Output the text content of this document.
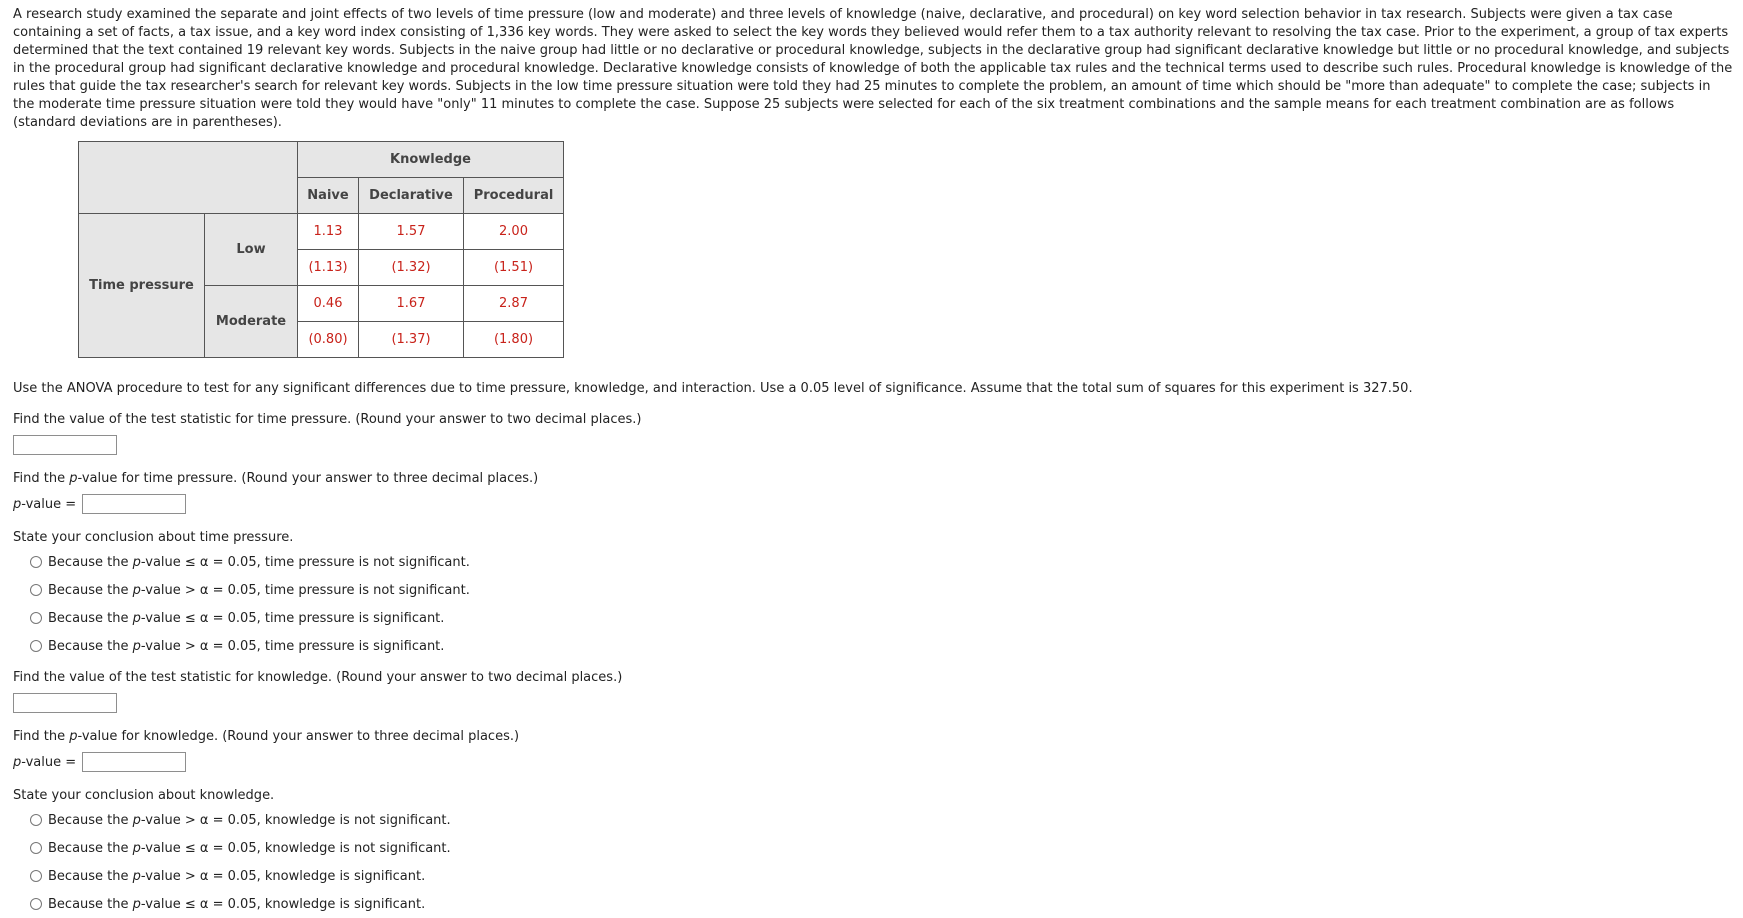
A research study examined the separate and joint effects of two levels of time pressure (low and moderate) and three levels of knowledge (naive, declarative, and procedural) on key word selection behavior in tax research. Subjects were given a tax case containing a set of facts, a tax issue, and a key word index consisting of 1,336 key words. They were asked to select the key words they believed would refer them to a tax authority relevant to resolving the tax case. Prior to the experiment, a group of tax experts determined that the text contained 19 relevant key words. Subjects in the naive group had little or no declarative or procedural knowledge, subjects in the declarative group had significant declarative knowledge but little or no procedural knowledge, and subjects in the procedural group had significant declarative knowledge and procedural knowledge. Declarative knowledge consists of knowledge of both the applicable tax rules and the technical terms used to describe such rules. Procedural knowledge is knowledge of the rules that guide the tax researcher's search for relevant key words. Subjects in the low time pressure situation were told they had 25 minutes to complete the problem, an amount of time which should be "more than adequate" to complete the case; subjects in the moderate time pressure situation were told they would have "only" 11 minutes to complete the case. Suppose 25 subjects were selected for each of the six treatment combinations and the sample means for each treatment combination are as follows (standard deviations are in parentheses).

		Knowledge		
		Naive	Declarative	Procedural
Time pressure	Low	1.13	1.57	2.00
		(1.13)	(1.32)	(1.51)
	Moderate	0.46	1.67	2.87
		(0.80)	(1.37)	(1.80)
Use the ANOVA procedure to test for any significant differences due to time pressure, knowledge, and interaction. Use a 0.05 level of significance. Assume that the total sum of squares for this experiment is 327.50.
Find the value of the test statistic for time pressure. (Round your answer to two decimal places.)
Find the p-value for time pressure. (Round your answer to three decimal places.)
p-value =
State your conclusion about time pressure.
Because the p-value ≤ α = 0.05, time pressure is not significant.
Because the p-value > α = 0.05, time pressure is not significant.
Because the p-value ≤ α = 0.05, time pressure is significant.
Because the p-value > α = 0.05, time pressure is significant.
Find the value of the test statistic for knowledge. (Round your answer to two decimal places.)
Find the p-value for knowledge. (Round your answer to three decimal places.)
p-value =
State your conclusion about knowledge.
Because the p-value > α = 0.05, knowledge is not significant.
Because the p-value ≤ α = 0.05, knowledge is not significant.
Because the p-value > α = 0.05, knowledge is significant.
Because the p-value ≤ α = 0.05, knowledge is significant.
